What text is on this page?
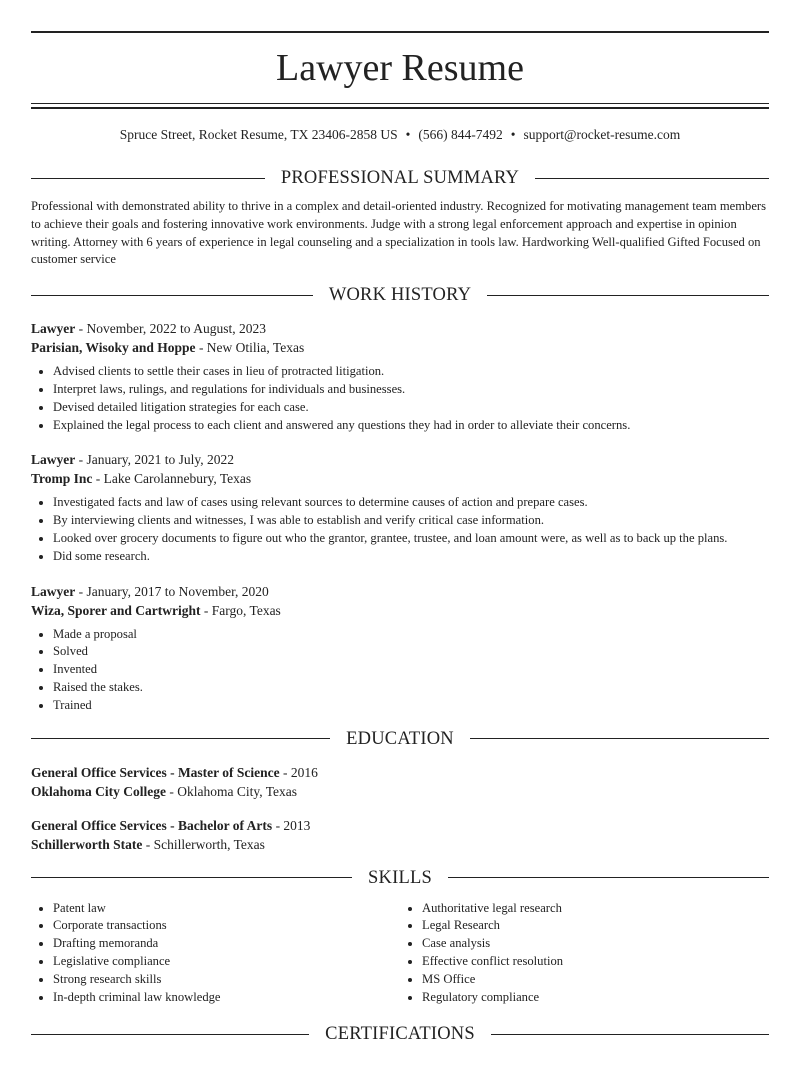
Lawyer Resume
Spruce Street, Rocket Resume, TX 23406-2858 US • (566) 844-7492 • support@rocket-resume.com
PROFESSIONAL SUMMARY

Professional with demonstrated ability to thrive in a complex and detail-oriented industry. Recognized for motivating management team members to achieve their goals and fostering innovative work environments. Judge with a strong legal enforcement approach and expertise in opinion writing. Attorney with 6 years of experience in legal counseling and a specialization in tools law. Hardworking Well-qualified Gifted Focused on customer service

WORK HISTORY
Lawyer - November, 2022 to August, 2023
Parisian, Wisoky and Hoppe - New Otilia, Texas
• Advised clients to settle their cases in lieu of protracted litigation.
• Interpret laws, rulings, and regulations for individuals and businesses.
• Devised detailed litigation strategies for each case.
• Explained the legal process to each client and answered any questions they had in order to alleviate their concerns.
Lawyer - January, 2021 to July, 2022
Tromp Inc - Lake Carolannebury, Texas
• Investigated facts and law of cases using relevant sources to determine causes of action and prepare cases.
• By interviewing clients and witnesses, I was able to establish and verify critical case information.
• Looked over grocery documents to figure out who the grantor, grantee, trustee, and loan amount were, as well as to back up the plans.
• Did some research.
Lawyer - January, 2017 to November, 2020
Wiza, Sporer and Cartwright - Fargo, Texas
• Made a proposal
• Solved
• Invented
• Raised the stakes.
• Trained
EDUCATION
General Office Services - Master of Science - 2016
Oklahoma City College - Oklahoma City, Texas
General Office Services - Bachelor of Arts - 2013
Schillerworth State - Schillerworth, Texas
SKILLS
• Patent law
• Corporate transactions
• Drafting memoranda
• Legislative compliance
• Strong research skills
• In-depth criminal law knowledge
• Authoritative legal research
• Legal Research
• Case analysis
• Effective conflict resolution
• MS Office
• Regulatory compliance
CERTIFICATIONS
